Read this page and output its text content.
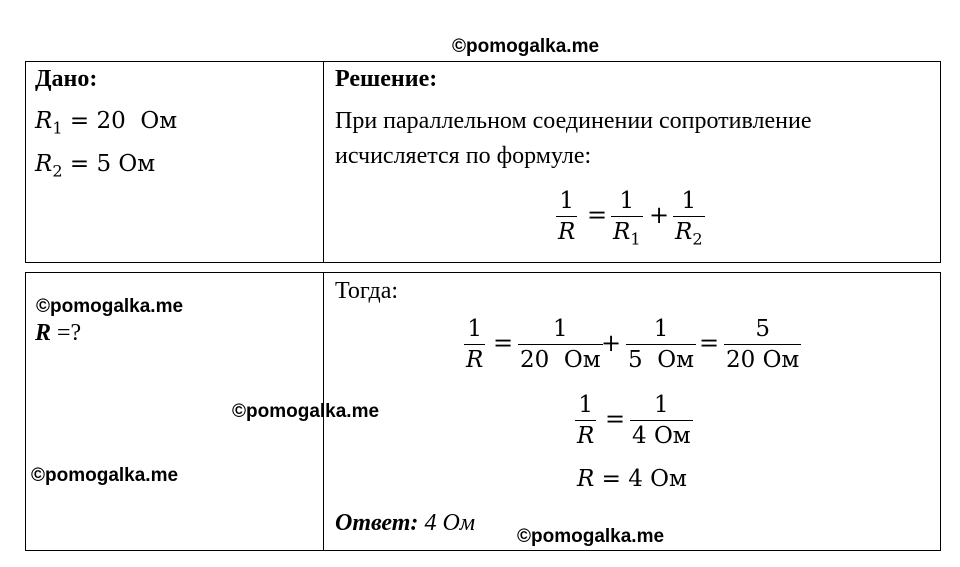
©pomogalka.me
©pomogalka.me
©pomogalka.me
©pomogalka.me
©pomogalka.me
Дано:
$R_1 = 20$  Ом
$R_2 = 5$ Ом
Решение:
При параллельном соединении сопротивление
исчисляется по формуле:
1
R
= 1
$R_1$
+ 1
$R_2$
R =?
Тогда:
1
R
= 1
20  Ом
+ 1
5  Ом
= 5
20 Ом
1
R
= 1
4 Ом
R = 4 Ом
Ответ: 4 Ом
